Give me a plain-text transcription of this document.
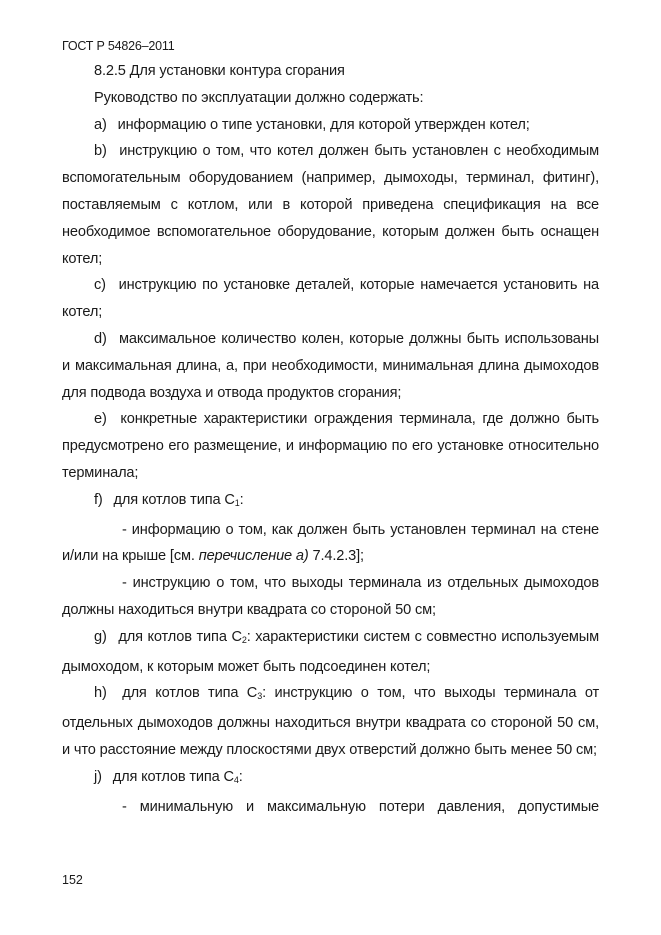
ГОСТ Р 54826–2011

8.2.5 Для установки контура сгорания

Руководство по эксплуатации должно содержать:

a) информацию о типе установки, для которой утвержден котел;

b) инструкцию о том, что котел должен быть установлен с необходимым вспомогательным оборудованием (например, дымоходы, терминал, фитинг), поставляемым с котлом, или в которой приведена спецификация на все необходимое вспомогательное оборудование, которым должен быть оснащен котел;

c) инструкцию по установке деталей, которые намечается установить на котел;

d) максимальное количество колен, которые должны быть использованы и максимальная длина, а, при необходимости, минимальная длина дымоходов для подвода воздуха и отвода продуктов сгорания;

e) конкретные характеристики ограждения терминала, где должно быть предусмотрено его размещение, и информацию по его установке относительно терминала;

f) для котлов типа $C_1$:

- информацию о том, как должен быть установлен терминал на стене и/или на крыше [см. перечисление а) 7.4.2.3];

- инструкцию о том, что выходы терминала из отдельных дымоходов должны находиться внутри квадрата со стороной 50 см;

g) для котлов типа $C_2$: характеристики систем с совместно используемым дымоходом, к которым может быть подсоединен котел;

h) для котлов типа $C_3$: инструкцию о том, что выходы терминала от отдельных дымоходов должны находиться внутри квадрата со стороной 50 см, и что расстояние между плоскостями двух отверстий должно быть менее 50 см;

j) для котлов типа $C_4$:

- минимальную и максимальную потери давления, допустимые

152
